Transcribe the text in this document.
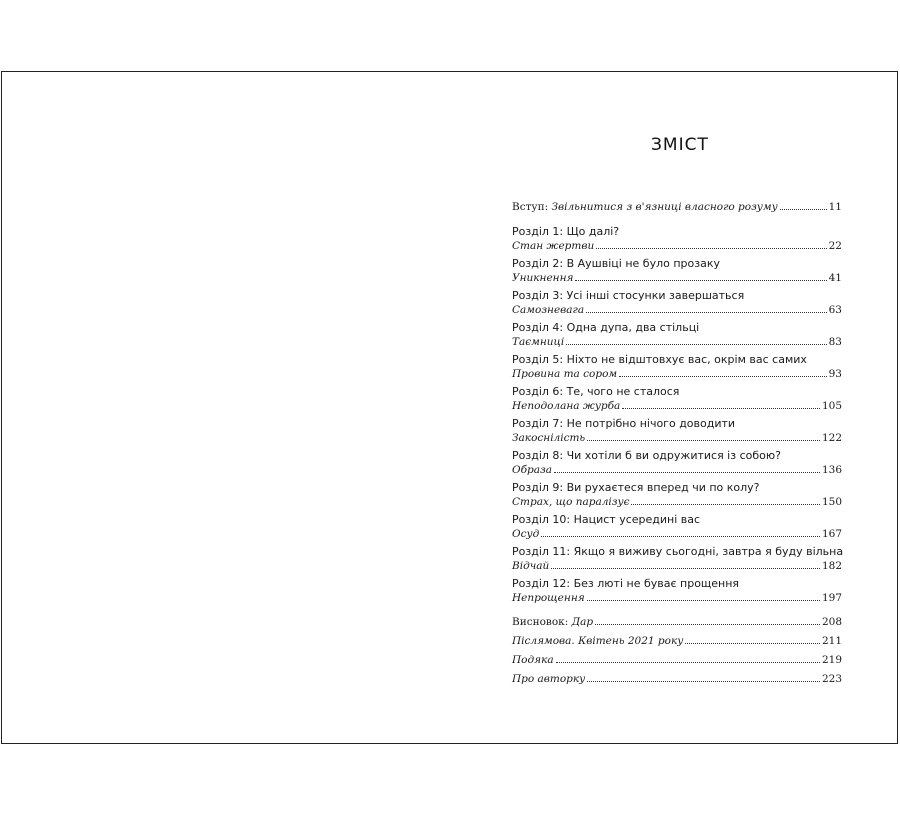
ЗМІСТ
Вступ: Звільнитися з в'язниці власного розуму	11
Розділ 1: Що далі?
Стан жертви	22
Розділ 2: В Аушвіці не було прозаку
Уникнення	41
Розділ 3: Усі інші стосунки завершаться
Самозневага	63
Розділ 4: Одна дупа, два стільці
Таємниці	83
Розділ 5: Ніхто не відштовхує вас, окрім вас самих
Провина та сором	93
Розділ 6: Те, чого не сталося
Неподолана журба	105
Розділ 7: Не потрібно нічого доводити
Закоснілість	122
Розділ 8: Чи хотіли б ви одружитися із собою?
Образа	136
Розділ 9: Ви рухаєтеся вперед чи по колу?
Страх, що паралізує	150
Розділ 10: Нацист усередині вас
Осуд	167
Розділ 11: Якщо я виживу сьогодні, завтра я буду вільна
Відчай	182
Розділ 12: Без люті не буває прощення
Непрощення	197
Висновок: Дар	208
Післямова. Квітень 2021 року	211
Подяка	219
Про авторку	223
